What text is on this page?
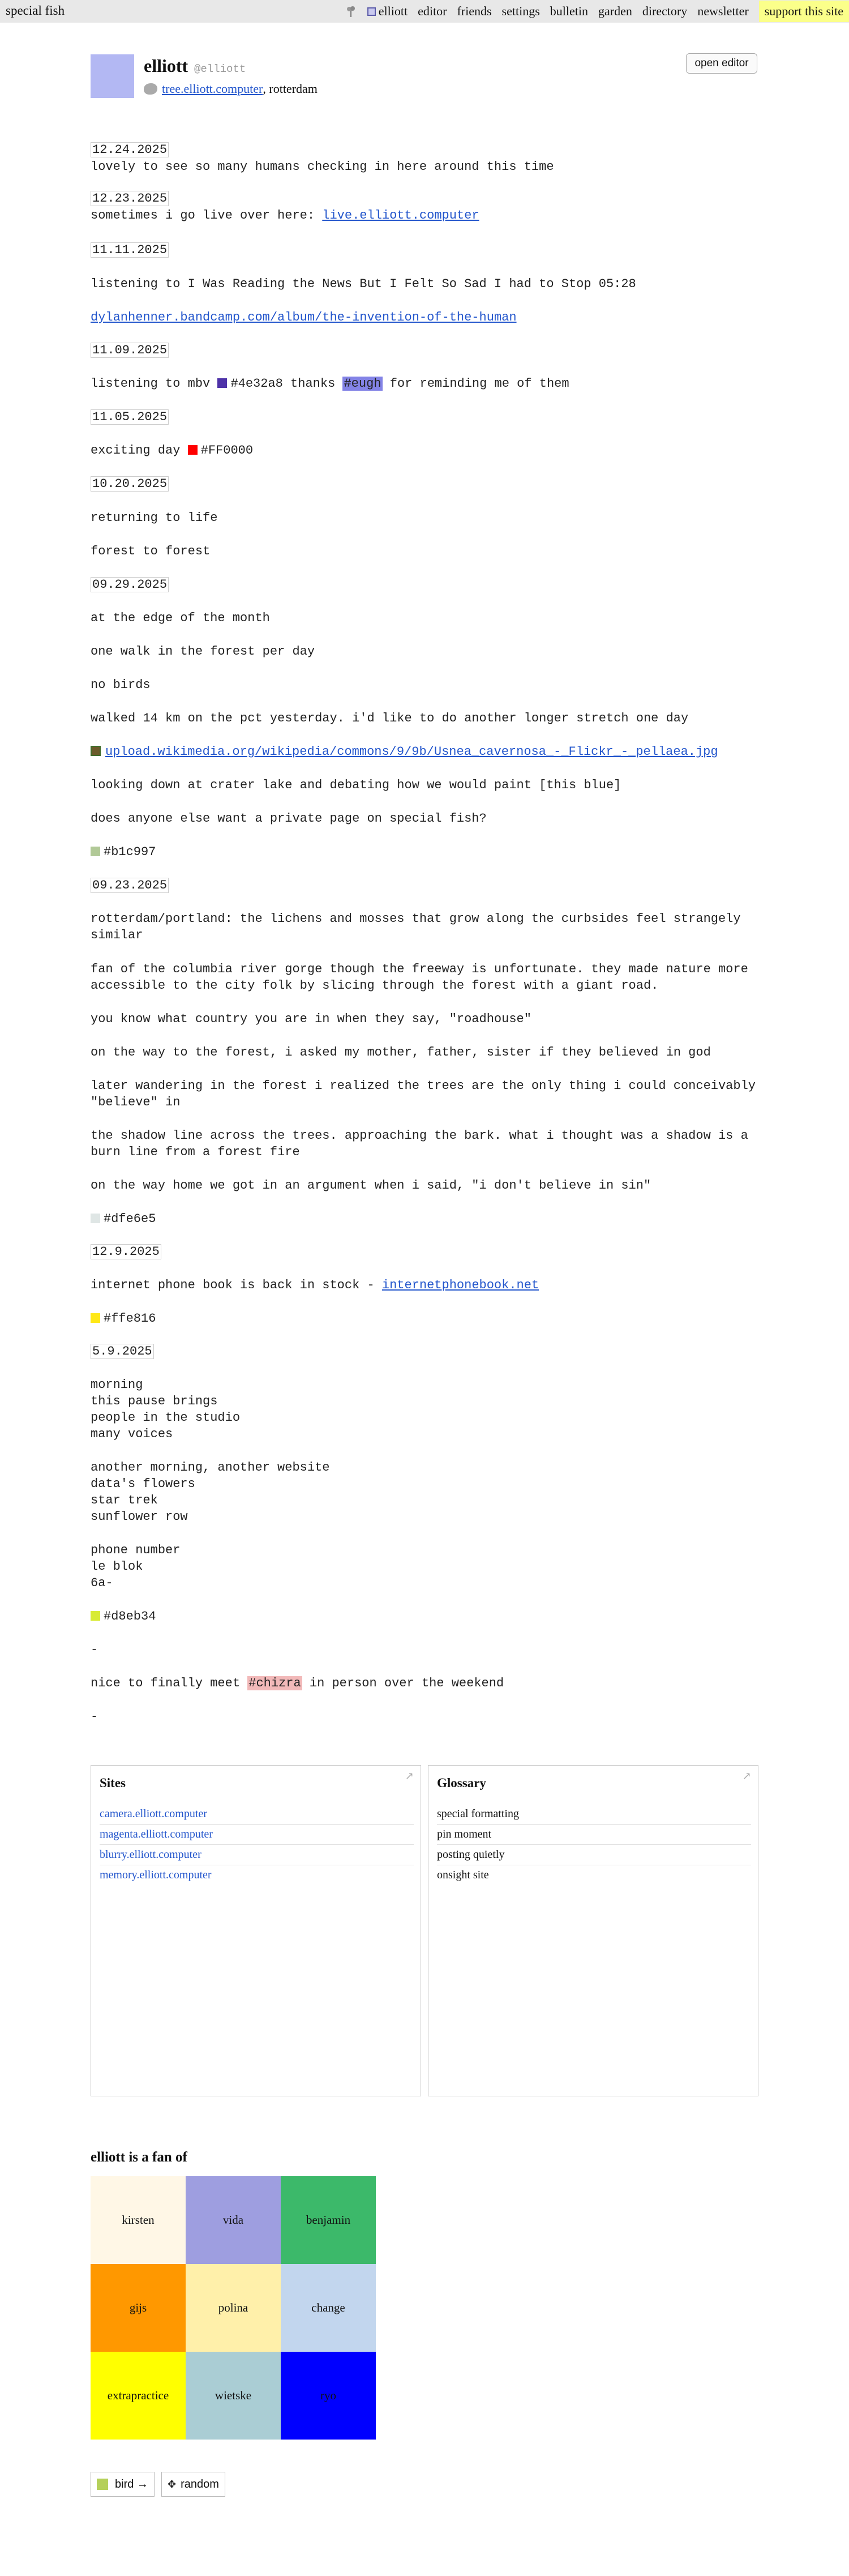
special fish	elliott editor friends settings bulletin garden directory newsletter	support this site
elliott @elliott
tree.elliott.computer ,
rotterdam
open editor
12.24.2025
lovely to see so many humans checking in here around this time
12.23.2025
sometimes i go live over here: live.elliott.computer
11.11.2025
listening to I Was Reading the News But I Felt So Sad I had to Stop 05:28
dylanhenner.bandcamp.com/album/the-invention-of-the-human
11.09.2025
listening to mbv #4e32a8 thanks #eugh for reminding me of them
11.05.2025
exciting day #FF0000
10.20.2025
returning to life
forest to forest
09.29.2025
at the edge of the month
one walk in the forest per day
no birds
walked 14 km on the pct yesterday. i'd like to do another longer stretch one day
upload.wikimedia.org/wikipedia/commons/9/9b/Usnea_cavernosa_-_Flickr_-_pellaea.jpg
looking down at crater lake and debating how we would paint [this blue]
does anyone else want a private page on special fish?
#b1c997
09.23.2025
rotterdam/portland: the lichens and mosses that grow along the curbsides feel strangely similar
fan of the columbia river gorge though the freeway is unfortunate. they made nature more accessible to the city folk by slicing through the forest with a giant road.
you know what country you are in when they say, "roadhouse"
on the way to the forest, i asked my mother, father, sister if they believed in god
later wandering in the forest i realized the trees are the only thing i could conceivably "believe" in
the shadow line across the trees. approaching the bark. what i thought was a shadow is a burn line from a forest fire
on the way home we got in an argument when i said, "i don't believe in sin"
#dfe6e5
12.9.2025
internet phone book is back in stock - internetphonebook.net
#ffe816
5.9.2025
morning
this pause brings
people in the studio
many voices
another morning, another website
data's flowers
star trek
sunflower row
phone number
le blok
6a-
#d8eb34
-
nice to finally meet #chizra in person over the weekend
-
Sites	↗
camera.elliott.computer
magenta.elliott.computer
blurry.elliott.computer
memory.elliott.computer
Glossary	↗
special formatting
pin moment
posting quietly
onsight site
elliott is a fan of
kirsten	vida	benjamin
gijs	polina	change
extrapractice	wietske	ryo
bird → ✥ random
